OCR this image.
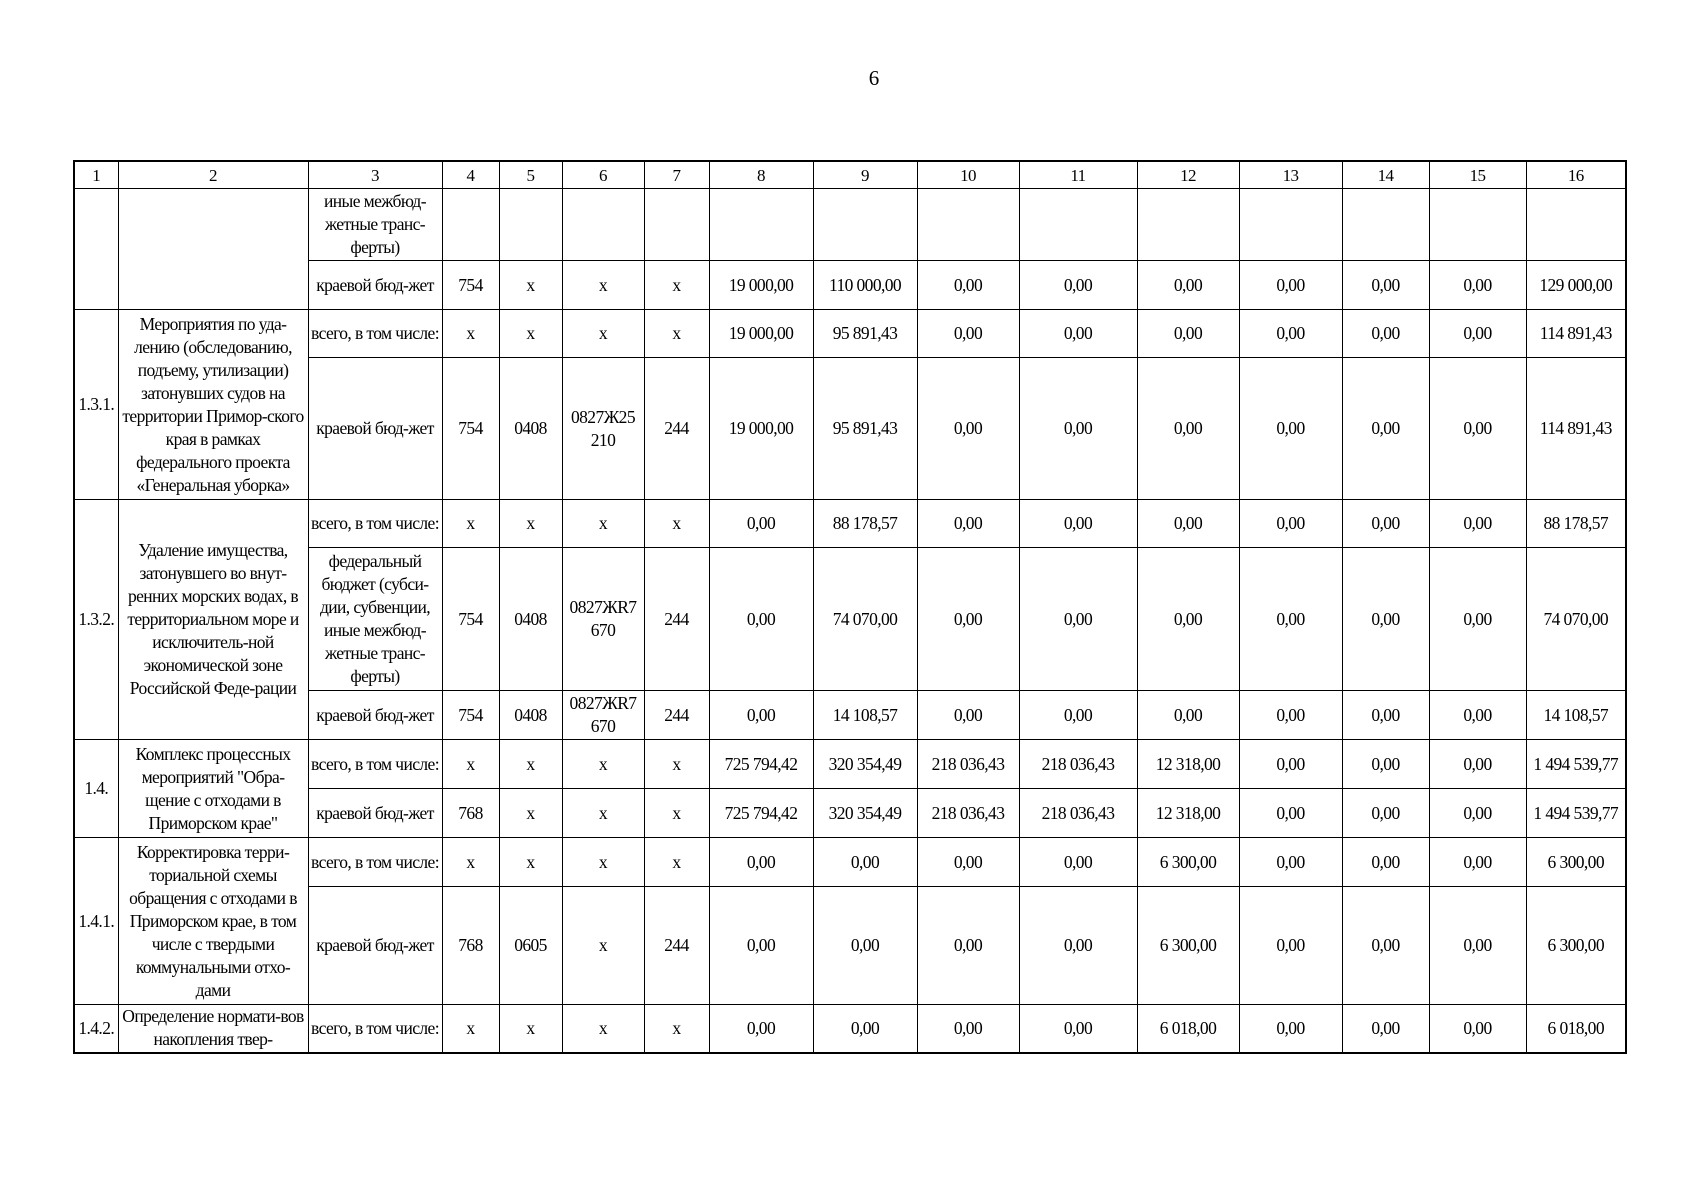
6
1	2	3	4	5	6	7	8	9	10	11	12	13	14	15	16
		иные межбюд-жетные транс-ферты)													
		краевой бюд-жет	754	х	х	х	19 000,00	110 000,00	0,00	0,00	0,00	0,00	0,00	0,00	129 000,00
1.3.1.	Мероприятия по уда-лению (обследованию, подъему, утилизации) затонувших судов на территории Примор-ского края в рамках федерального проекта «Генеральная уборка»	всего, в том числе:	х	х	х	х	19 000,00	95 891,43	0,00	0,00	0,00	0,00	0,00	0,00	114 891,43
		краевой бюд-жет	754	0408	0827Ж25 210	244	19 000,00	95 891,43	0,00	0,00	0,00	0,00	0,00	0,00	114 891,43
1.3.2.	Удаление имущества, затонувшего во внут-ренних морских водах, в территориальном море и исключитель-ной экономической зоне Российской Феде-рации	всего, в том числе:	х	х	х	х	0,00	88 178,57	0,00	0,00	0,00	0,00	0,00	0,00	88 178,57
		федеральный бюджет (субси-дии, субвенции, иные межбюд-жетные транс-ферты)	754	0408	0827ЖR7 670	244	0,00	74 070,00	0,00	0,00	0,00	0,00	0,00	0,00	74 070,00
		краевой бюд-жет	754	0408	0827ЖR7 670	244	0,00	14 108,57	0,00	0,00	0,00	0,00	0,00	0,00	14 108,57
1.4.	Комплекс процессных мероприятий "Обра-щение с отходами в Приморском крае"	всего, в том числе:	х	х	х	х	725 794,42	320 354,49	218 036,43	218 036,43	12 318,00	0,00	0,00	0,00	1 494 539,77
		краевой бюд-жет	768	х	х	х	725 794,42	320 354,49	218 036,43	218 036,43	12 318,00	0,00	0,00	0,00	1 494 539,77
1.4.1.	Корректировка терри-ториальной схемы обращения с отходами в Приморском крае, в том числе с твердыми коммунальными отхо-дами	всего, в том числе:	х	х	х	х	0,00	0,00	0,00	0,00	6 300,00	0,00	0,00	0,00	6 300,00
		краевой бюд-жет	768	0605	х	244	0,00	0,00	0,00	0,00	6 300,00	0,00	0,00	0,00	6 300,00
1.4.2.	Определение нормати-вов накопления твер-	всего, в том числе:	х	х	х	х	0,00	0,00	0,00	0,00	6 018,00	0,00	0,00	0,00	6 018,00
